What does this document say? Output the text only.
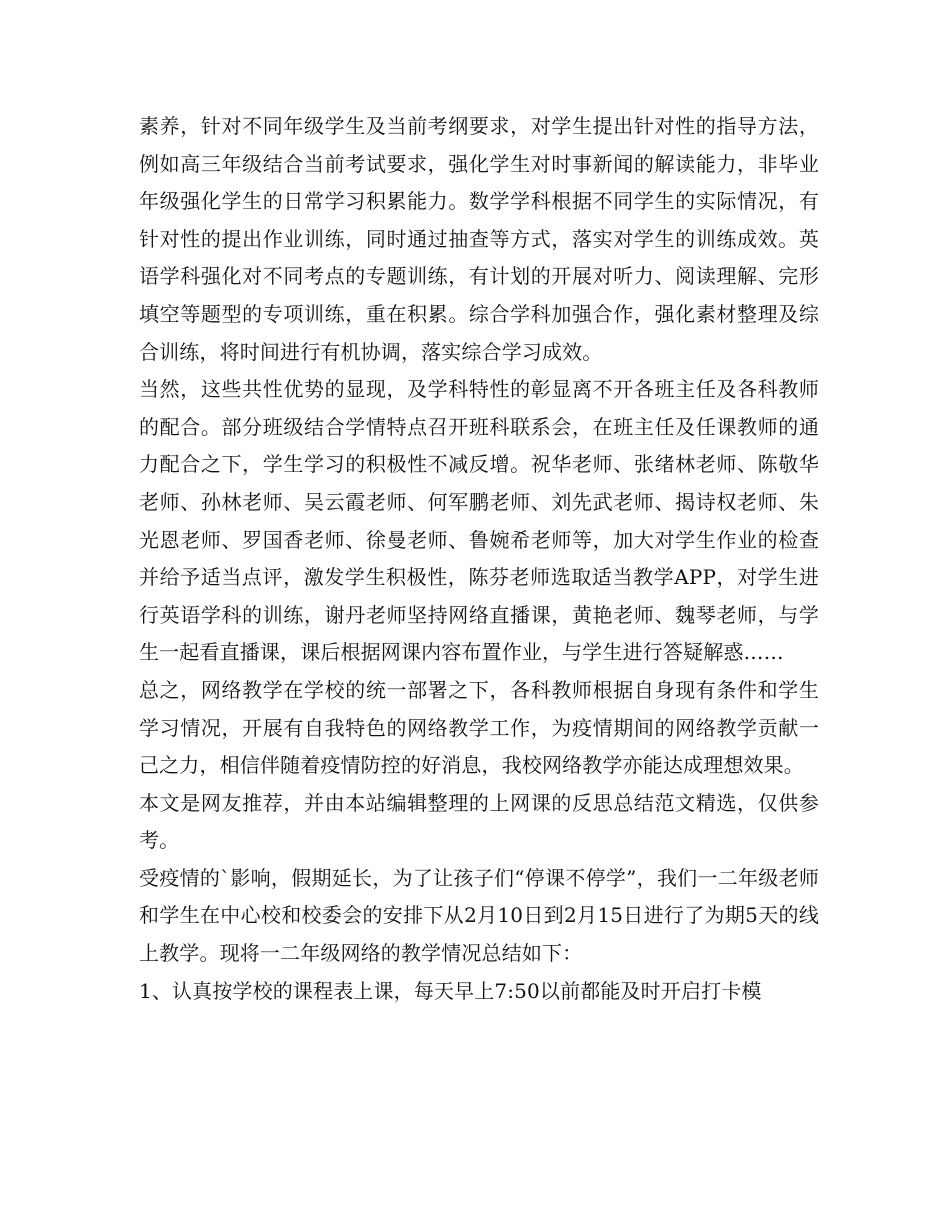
素养，针对不同年级学生及当前考纲要求，对学生提出针对性的指导方法，例如高三年级结合当前考试要求，强化学生对时事新闻的解读能力，非毕业年级强化学生的日常学习积累能力。数学学科根据不同学生的实际情况，有针对性的提出作业训练，同时通过抽查等方式，落实对学生的训练成效。英语学科强化对不同考点的专题训练，有计划的开展对听力、阅读理解、完形填空等题型的专项训练，重在积累。综合学科加强合作，强化素材整理及综合训练，将时间进行有机协调，落实综合学习成效。

当然，这些共性优势的显现，及学科特性的彰显离不开各班主任及各科教师的配合。部分班级结合学情特点召开班科联系会，在班主任及任课教师的通力配合之下，学生学习的积极性不减反增。祝华老师、张绪林老师、陈敬华老师、孙林老师、吴云霞老师、何军鹏老师、刘先武老师、揭诗权老师、朱光恩老师、罗国香老师、徐曼老师、鲁婉希老师等，加大对学生作业的检查并给予适当点评，激发学生积极性，陈芬老师选取适当教学APP，对学生进行英语学科的训练，谢丹老师坚持网络直播课，黄艳老师、魏琴老师，与学生一起看直播课，课后根据网课内容布置作业，与学生进行答疑解惑……

总之，网络教学在学校的统一部署之下，各科教师根据自身现有条件和学生学习情况，开展有自我特色的网络教学工作，为疫情期间的网络教学贡献一己之力，相信伴随着疫情防控的好消息，我校网络教学亦能达成理想效果。

本文是网友推荐，并由本站编辑整理的上网课的反思总结范文精选，仅供参考。

受疫情的`影响，假期延长，为了让孩子们“停课不停学”，我们一二年级老师和学生在中心校和校委会的安排下从2月10日到2月15日进行了为期5天的线上教学。现将一二年级网络的教学情况总结如下：

1、认真按学校的课程表上课，每天早上7:50以前都能及时开启打卡模
